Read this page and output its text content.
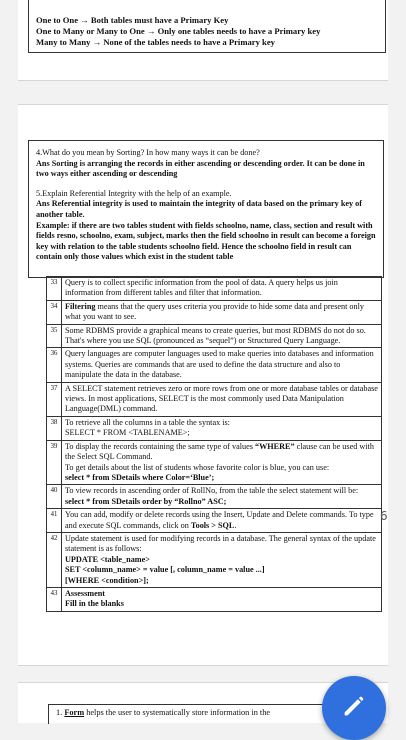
One to One → Both tables must have a Primary Key
One to Many or Many to One → Only one tables needs to have a Primary key
Many to Many → None of the tables needs to have a Primary key

4.What do you mean by Sorting? In how many ways it can be done?

Ans Sorting is arranging the records in either ascending or descending order. It can be done in two ways either ascending or descending

5.Explain Referential Integrity with the help of an example.

Ans Referential integrity is used to maintain the integrity of data based on the primary key of another table.

Example: if there are two tables student with fields schoolno, name, class, section and result with fields resno, schoolno, exam, subject, marks then the field schoolno in result can become a foreign key with relation to the table students schoolno field. Hence the schoolno field in result can contain only those values which exist in the student table

33	Query is to collect specific information from the pool of data. A query helps us join information from different tables and filter that information.
34	Filtering means that the query uses criteria you provide to hide some data and present only what you want to see.
35	Some RDBMS provide a graphical means to create queries, but most RDBMS do not do so. That's where you use SQL (pronounced as “sequel”) or Structured Query Language.
36	Query languages are computer languages used to make queries into databases and information systems. Queries are commands that are used to define the data structure and also to manipulate the data in the database.
37	A SELECT statement retrieves zero or more rows from one or more database tables or database views. In most applications, SELECT is the most commonly used Data Manipulation Language(DML) command.
38	To retrieve all the columns in a table the syntax is:
SELECT * FROM <TABLENAME>;
39	To display the records containing the same type of values “WHERE” clause can be used with the Select SQL Command.
To get details about the list of students whose favorite color is blue, you can use:
select * from SDetails where Color=‘Blue’;
40	To view records in ascending order of RollNo, from the table the select statement will be:
select * from SDetails order by “Rollno” ASC;
41	You can add, modify or delete records using the Insert, Update and Delete commands. To type and execute SQL commands, click on Tools > SQL.
42	Update statement is used for modifying records in a database. The general syntax of the update statement is as follows:
UPDATE <table_name>
SET <column_name> = value [, column_name = value ...]
[WHERE <condition>];
43	Assessment
Fill in the blanks
6
1. Form helps the user to systematically store information in the
